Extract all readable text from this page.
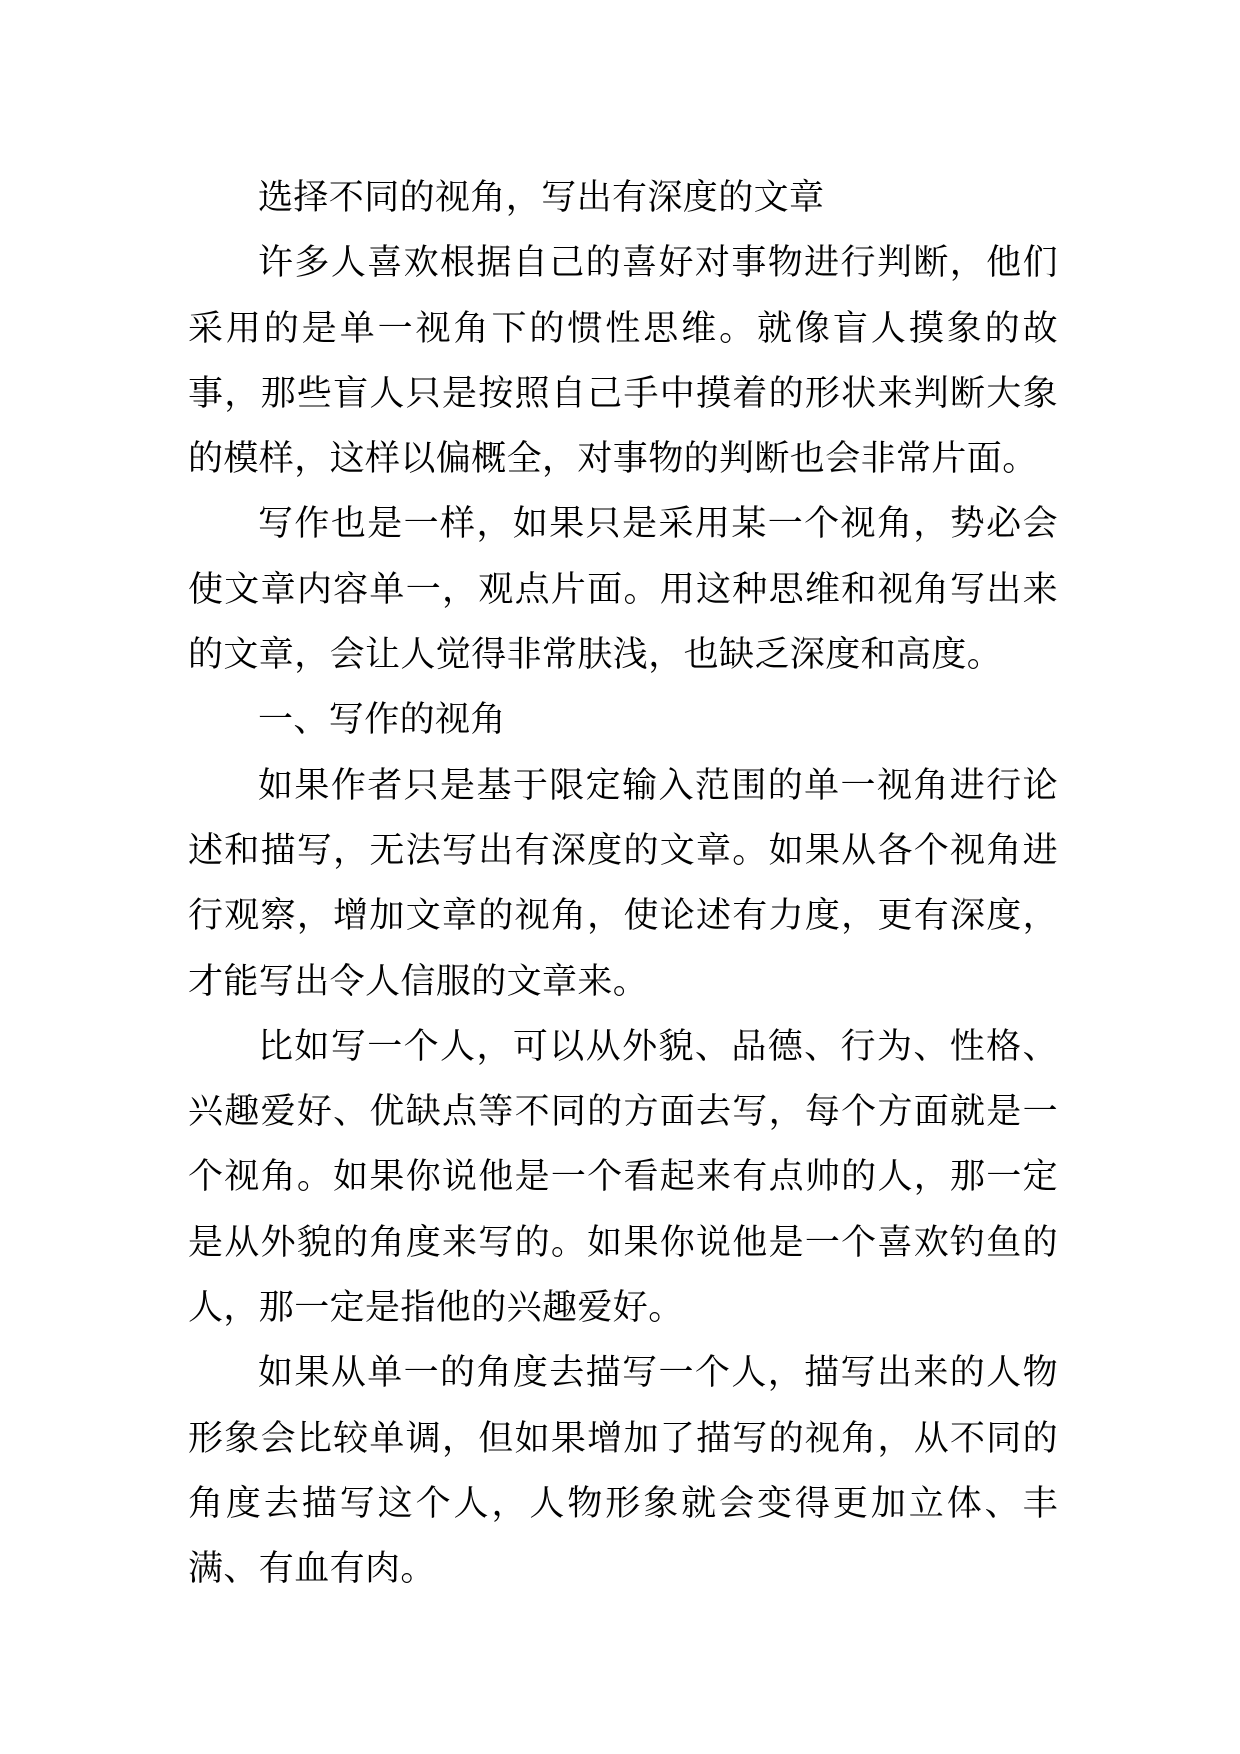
选择不同的视角，写出有深度的文章

许多人喜欢根据自己的喜好对事物进行判断，他们采用的是单一视角下的惯性思维。就像盲人摸象的故事，那些盲人只是按照自己手中摸着的形状来判断大象的模样，这样以偏概全，对事物的判断也会非常片面。

写作也是一样，如果只是采用某一个视角，势必会使文章内容单一，观点片面。用这种思维和视角写出来的文章，会让人觉得非常肤浅，也缺乏深度和高度。

一、写作的视角

如果作者只是基于限定输入范围的单一视角进行论述和描写，无法写出有深度的文章。如果从各个视角进行观察，增加文章的视角，使论述有力度，更有深度，才能写出令人信服的文章来。

比如写一个人，可以从外貌、品德、行为、性格、兴趣爱好、优缺点等不同的方面去写，每个方面就是一个视角。如果你说他是一个看起来有点帅的人，那一定是从外貌的角度来写的。如果你说他是一个喜欢钓鱼的人，那一定是指他的兴趣爱好。

如果从单一的角度去描写一个人，描写出来的人物形象会比较单调，但如果增加了描写的视角，从不同的角度去描写这个人，人物形象就会变得更加立体、丰满、有血有肉。
